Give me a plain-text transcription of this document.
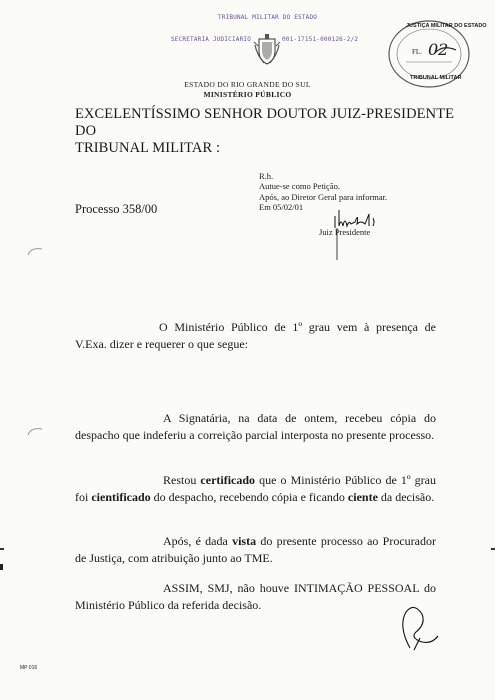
TRIBUNAL MILITAR DO ESTADO
SECRETARIA JUDICIARIO	001-17151-000126-2/2
ESTADO DO RIO GRANDE DO SUL
MINISTÉRIO PÚBLICO
JUSTIÇA MILITAR DO ESTADO
TRIBUNAL MILITAR
FL. 02
EXCELENTÍSSIMO SENHOR DOUTOR JUIZ-PRESIDENTE DO
TRIBUNAL MILITAR :
Processo 358/00
R.h.
Autue-se como Petição.
Após, ao Diretor Geral para informar.
Em 05/02/01
Juiz Presidente
O Ministério Público de 1º grau vem à presença de V.Exa. dizer e requerer o que segue:
A Signatária, na data de ontem, recebeu cópia do despacho que indeferiu a correição parcial interposta no presente processo.
Restou certificado que o Ministério Público de 1º grau foi cientificado do despacho, recebendo cópia e ficando ciente da decisão.
Após, é dada vista do presente processo ao Procurador de Justiça, com atribuição junto ao TME.
ASSIM, SMJ, não houve INTIMAÇÃO PESSOAL do Ministério Público da referida decisão.
MP 016
